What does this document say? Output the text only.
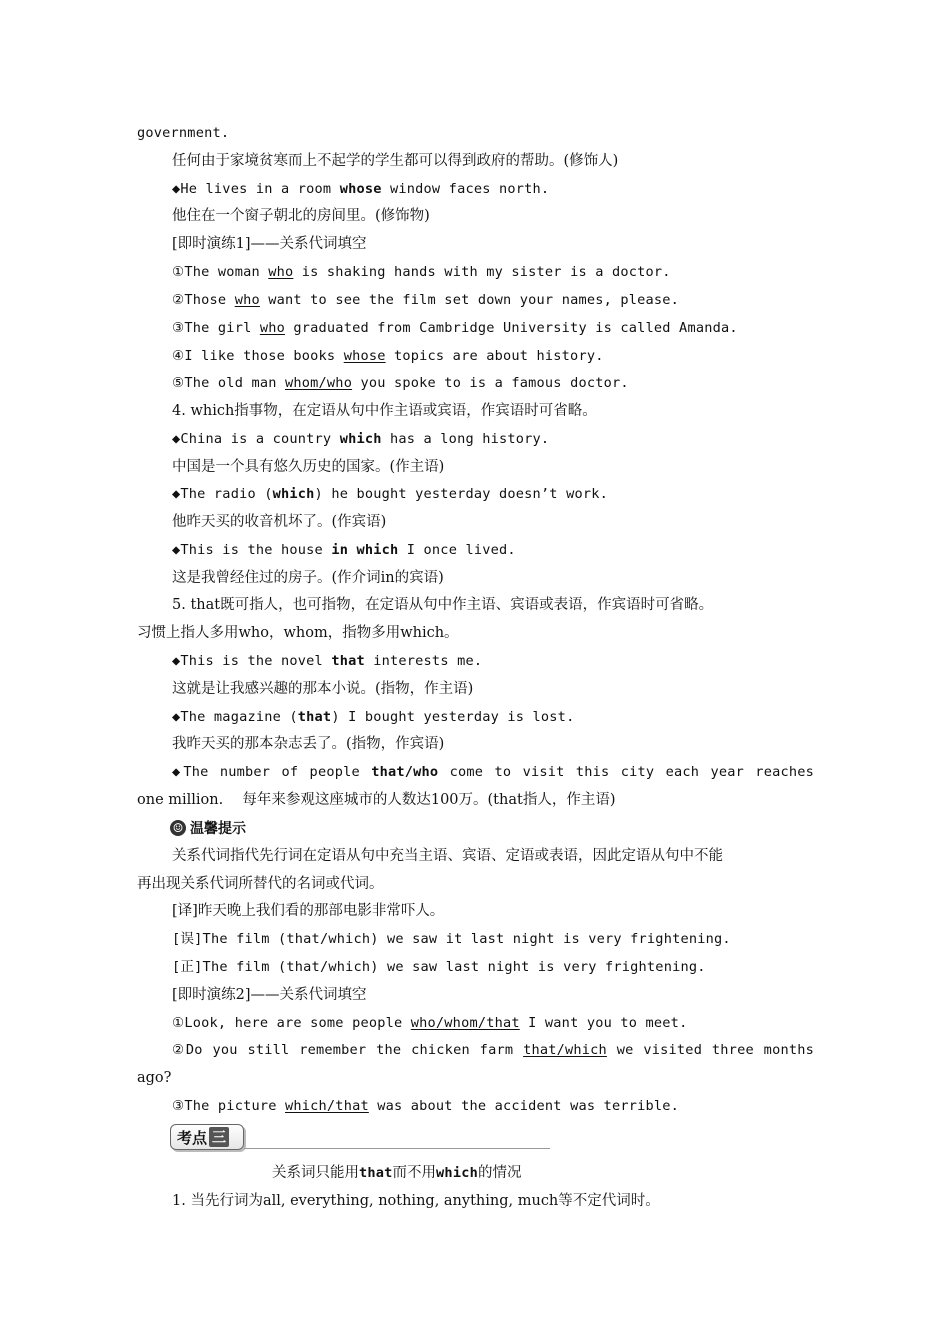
government.
任何由于家境贫寒而上不起学的学生都可以得到政府的帮助。(修饰人)
◆He lives in a room whose window faces north.
他住在一个窗子朝北的房间里。(修饰物)
[即时演练1]——关系代词填空
①The woman who is shaking hands with my sister is a doctor.
②Those who want to see the film set down your names, please.
③The girl who graduated from Cambridge University is called Amanda.
④I like those books whose topics are about history.
⑤The old man whom/who you spoke to is a famous doctor.
4. which指事物，在定语从句中作主语或宾语，作宾语时可省略。
◆China is a country which has a long history.
中国是一个具有悠久历史的国家。(作主语)
◆The radio (which) he bought yesterday doesn’t work.
他昨天买的收音机坏了。(作宾语)
◆This is the house in which I once lived.
这是我曾经住过的房子。(作介词in的宾语)
5. that既可指人，也可指物，在定语从句中作主语、宾语或表语，作宾语时可省略。
习惯上指人多用who，whom，指物多用which。
◆This is the novel that interests me.
这就是让我感兴趣的那本小说。(指物，作主语)
◆The magazine (that) I bought yesterday is lost.
我昨天买的那本杂志丢了。(指物，作宾语)
◆The number of people that/who come to visit this city each year reaches
one million.　 每年来参观这座城市的人数达100万。(that指人，作主语)
☺ 温馨提示
关系代词指代先行词在定语从句中充当主语、宾语、定语或表语，因此定语从句中不能
再出现关系代词所替代的名词或代词。
[译]昨天晚上我们看的那部电影非常吓人。
[误]The film (that/which) we saw it last night is very frightening.
[正]The film (that/which) we saw last night is very frightening.
[即时演练2]——关系代词填空
①Look, here are some people who/whom/that I want you to meet.
②Do you still remember the chicken farm that/which we visited three months
ago?
③The picture which/that was about the accident was terrible.
考点 三
关系词只能用that而不用which的情况
1. 当先行词为all, everything, nothing, anything, much等不定代词时。
